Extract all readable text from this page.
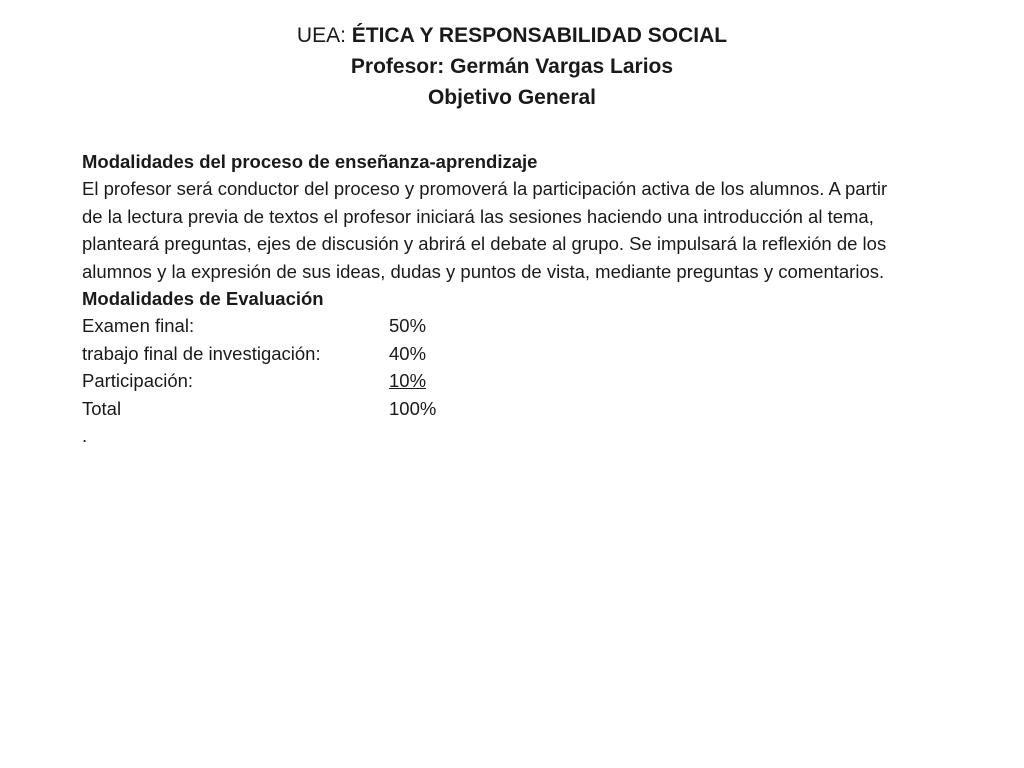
UEA: ÉTICA Y RESPONSABILIDAD SOCIAL
Profesor: Germán Vargas Larios
Objetivo General

Modalidades del proceso de enseñanza-aprendizaje

El profesor será conductor del proceso y promoverá la participación activa de los alumnos. A partir de la lectura previa de textos el profesor iniciará las sesiones haciendo una introducción al tema, planteará preguntas, ejes de discusión y abrirá el debate al grupo. Se impulsará la reflexión de los alumnos y la expresión de sus ideas, dudas y puntos de vista, mediante preguntas y comentarios.

Modalidades de Evaluación

Examen final:	50%
trabajo final de investigación:	40%
Participación:	10%
Total	100%

.
